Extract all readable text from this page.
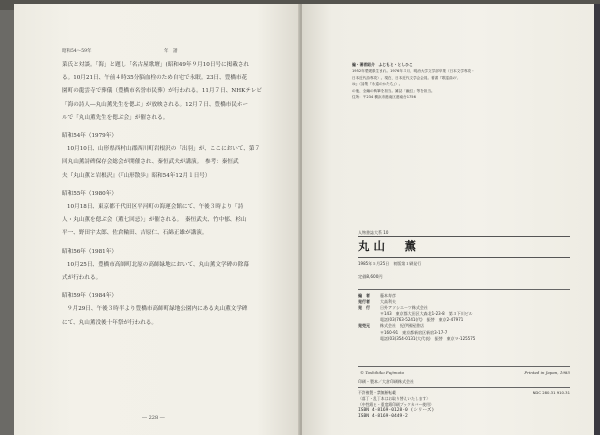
昭和54～59年	年　譜
菜氏と対談。「海」と題し「名古屋歌壇」(昭和49年９月10日号に掲載され
る。10月21日、午前４時35分脳血栓のため自宅で永眠。23日、豊橋市花
園町の龍雲寺で葬儀（豊橋市名誉市民葬）が行われる。11月７日、NHKテレビ
「海の詩人―丸山薫先生を偲ぶ」が放映される。12月７日、豊橋市民ホー
ルで「丸山薫先生を偲ぶ会」が催される。
昭和54年（1979年）
10月10日、山形県西村山郡西川町岩根沢の「出羽」が、ここにおいて、第７
回丸山薫詩碑保存会総会が開催され、秦恒武夫が講演。　参考：秦恒武
夫『丸山薫と岩根沢』（『山形散歩』昭和54年12月１日号）
昭和55年（1980年）
10月18日、東京都千代田区平河町の海運会館にて、午後３時より「詩
人・丸山薫を偲ぶ会（薫七回忌）」が催される。　秦恒武夫、竹中郁、杉山
平一、野田宇太郎、佐倉輪田、吉原仁、石綿正雄が講演。
昭和56年（1981年）
10月25日、豊橋市高師町北原の高師緑地において、丸山薫文学碑の除幕
式が行われる。
昭和59年（1984年）
９月29日、午後３時半より豊橋市高師町緑地公園内にある丸山薫文学碑
にて、丸山薫没後十年祭が行われる。
― 228 ―
編・著者紹介　ふじもと・としひこ
1952年愛媛県生まれ。1976年３月、明治大学文学部卒業（日本文学専攻・
日本近代詩専攻）。現在、日本近代文学会会員。著書『歌謡曲の',
ゆ』（詩集『永遠のかたち』）。
の他、全編の執筆を担当。雑誌「幽幻」等を担当。
住所：〒234 横浜市港南区港南台1756
人物書誌大系 10
丸山　薫
1985年５月25日　初版第１刷発行
定価8,600円
編　者	藤本寿彦
発行者	大高利夫
発　行	日外アソシエーツ株式会社
〒143　東京都大田区大森北1-23-8　第３下川ビル
電話(03)763-5241(代)　振替　東京2-47971
発売元	株式会社　紀伊國屋書店
〒160-91　東京都新宿区新宿3-17-7
電話(03)354-0131(大代表)　振替　東京９-125575
© Toshihiko Fujimoto	Printed in Japan, 1985
印刷・製本／大倉印刷株式会社
不許複製・禁無断転載	NDC 280.31 910.31
〈落丁・乱丁本はお取り替えいたします〉
（中性紙ヒ・重度紙印刷ブックカバー使用）
ISBN 4-8169-0128-0 (シリーズ)
ISBN 4-8169-0449-2
